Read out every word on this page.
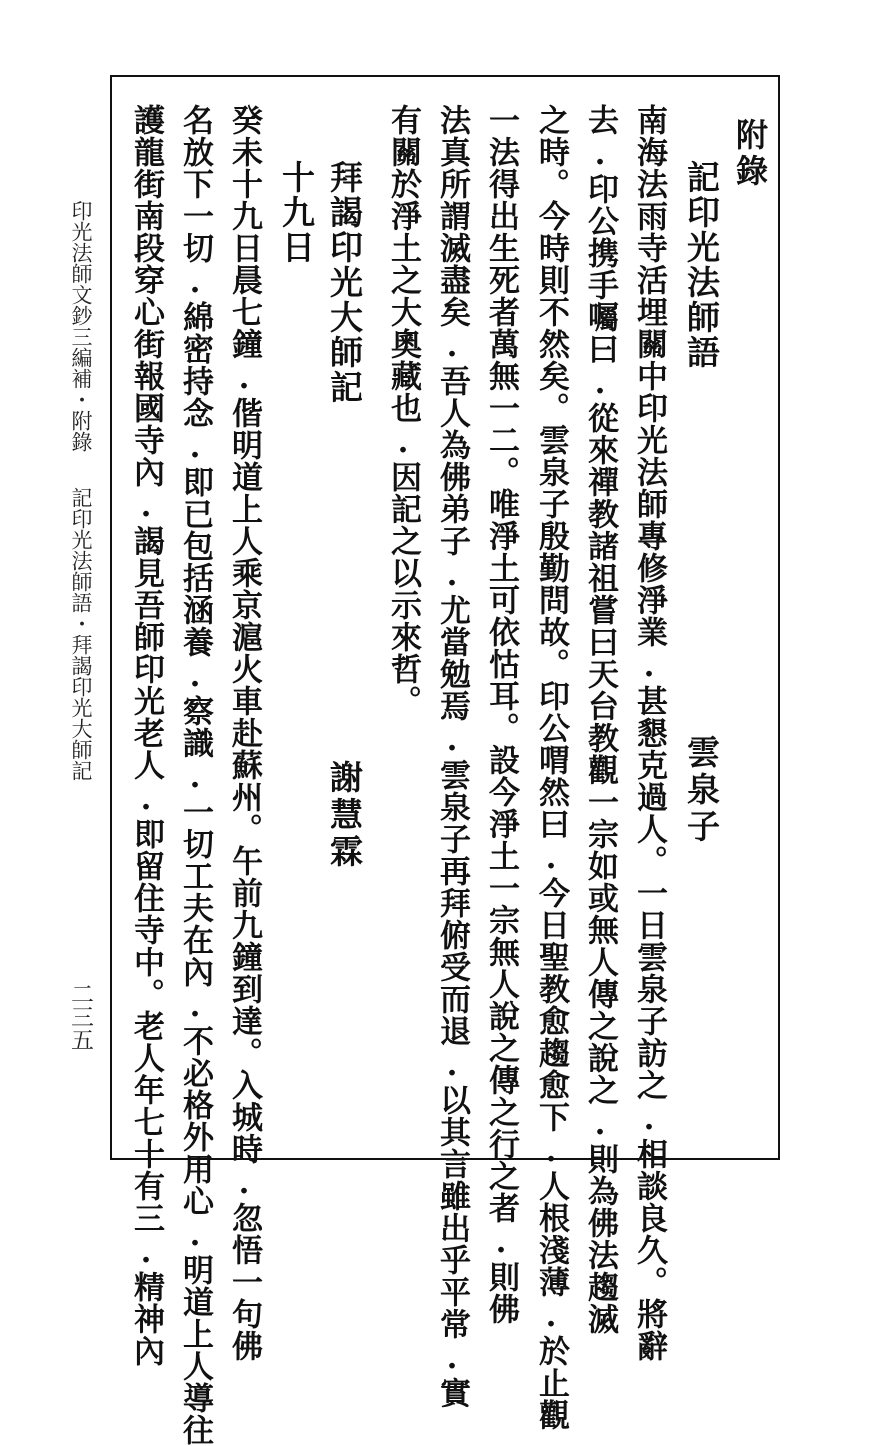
附錄
記印光法師語
雲泉子
南海法雨寺活埋關中印光法師專修淨業.甚懇克過人。一日雲泉子訪之.相談良久。將辭
去.印公携手囑曰.從來禪教諸祖嘗曰天台教觀一宗如或無人傳之說之.則為佛法趨滅
之時。今時則不然矣。雲泉子殷勤問故。印公喟然曰.今日聖教愈趨愈下.人根淺薄.於止觀
一法得出生死者萬無一二。唯淨土可依怙耳。設今淨土一宗無人說之傳之行之者.則佛
法真所謂滅盡矣.吾人為佛弟子.尤當勉焉.雲泉子再拜俯受而退.以其言雖出乎平常.實
有關於淨土之大奧藏也.因記之以示來哲。
拜謁印光大師記
謝慧霖
十九日
癸未十九日晨七鐘.偕明道上人乘京滬火車赴蘇州。午前九鐘到達。入城時.忽悟一句佛
名放下一切.綿密持念.即已包括涵養.察識.一切工夫在內.不必格外用心.明道上人導往
護龍街南段穿心街報國寺內.謁見吾師印光老人.即留住寺中。老人年七十有三.精神內
印光法師文鈔三編補・附錄
記印光法師語・拜謁印光大師記
二三五
